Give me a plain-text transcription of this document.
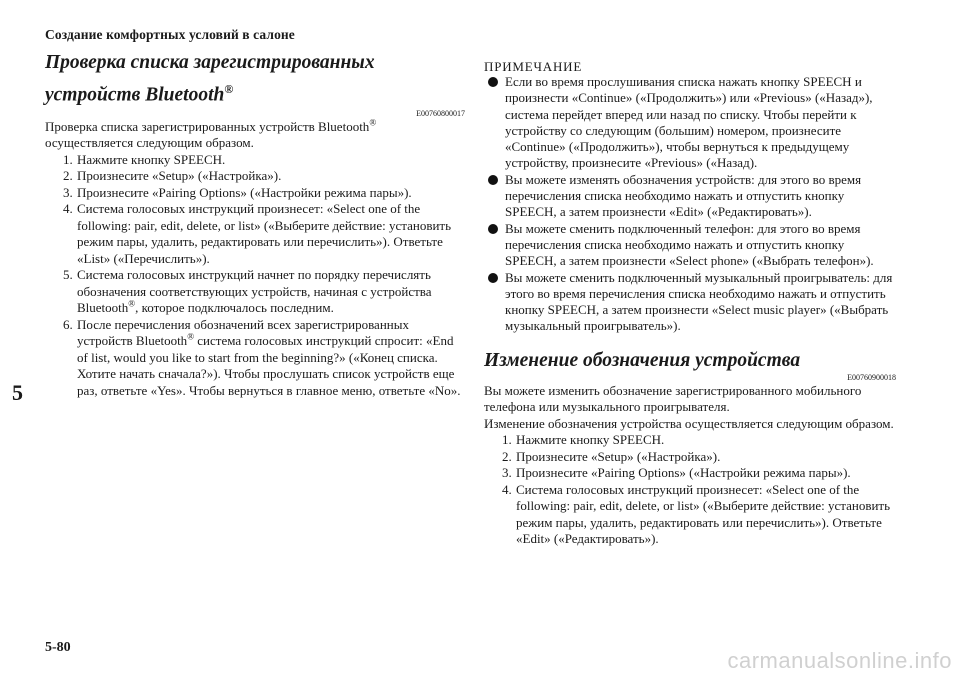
Создание комфортных условий в салоне
Проверка списка зарегистрированных устройств Bluetooth®
E00760800017

Проверка списка зарегистрированных устройств Bluetooth®
осуществляется следующим образом.

1. Нажмите кнопку SPEECH.
2. Произнесите «Setup» («Настройка»).
3. Произнесите «Pairing Options» («Настройки режима пары»).
4. Система голосовых инструкций произнесет: «Select one of the following: pair, edit, delete, or list» («Выберите действие: установить режим пары, удалить, редактировать или перечислить»). Ответьте «List» («Перечислить»).
5. Система голосовых инструкций начнет по порядку перечислять обозначения соответствующих устройств, начиная с устройства Bluetooth®, которое подключалось последним.
6. После перечисления обозначений всех зарегистрированных устройств Bluetooth® система голосовых инструкций спросит: «End of list, would you like to start from the beginning?» («Конец списка. Хотите начать сначала?»). Чтобы прослушать список устройств еще раз, ответьте «Yes». Чтобы вернуться в главное меню, ответьте «No».

ПРИМЕЧАНИЕ

Если во время прослушивания списка нажать кнопку SPEECH и произнести «Continue» («Продолжить») или «Previous» («Назад»), система перейдет вперед или назад по списку. Чтобы перейти к устройству со следующим (большим) номером, произнесите «Continue» («Продолжить»), чтобы вернуться к предыдущему устройству, произнесите «Previous» («Назад).
Вы можете изменять обозначения устройств: для этого во время перечисления списка необходимо нажать и отпустить кнопку SPEECH, а затем произнести «Edit» («Редактировать»).
Вы можете сменить подключенный телефон: для этого во время перечисления списка необходимо нажать и отпустить кнопку SPEECH, а затем произнести «Select phone» («Выбрать телефон»).
Вы можете сменить подключенный музыкальный проигрыватель: для этого во время перечисления списка необходимо нажать и отпустить кнопку SPEECH, а затем произнести «Select music player» («Выбрать музыкальный проигрыватель»).
Изменение обозначения устройства
E00760900018

Вы можете изменить обозначение зарегистрированного мобильного телефона или музыкального проигрывателя.

Изменение обозначения устройства осуществляется следующим образом.

1. Нажмите кнопку SPEECH.
2. Произнесите «Setup» («Настройка»).
3. Произнесите «Pairing Options» («Настройки режима пары»).
4. Система голосовых инструкций произнесет: «Select one of the following: pair, edit, delete, or list» («Выберите действие: установить режим пары, удалить, редактировать или перечислить»). Ответьте «Edit» («Редактировать»).
5
5-80
carmanualsonline.info
